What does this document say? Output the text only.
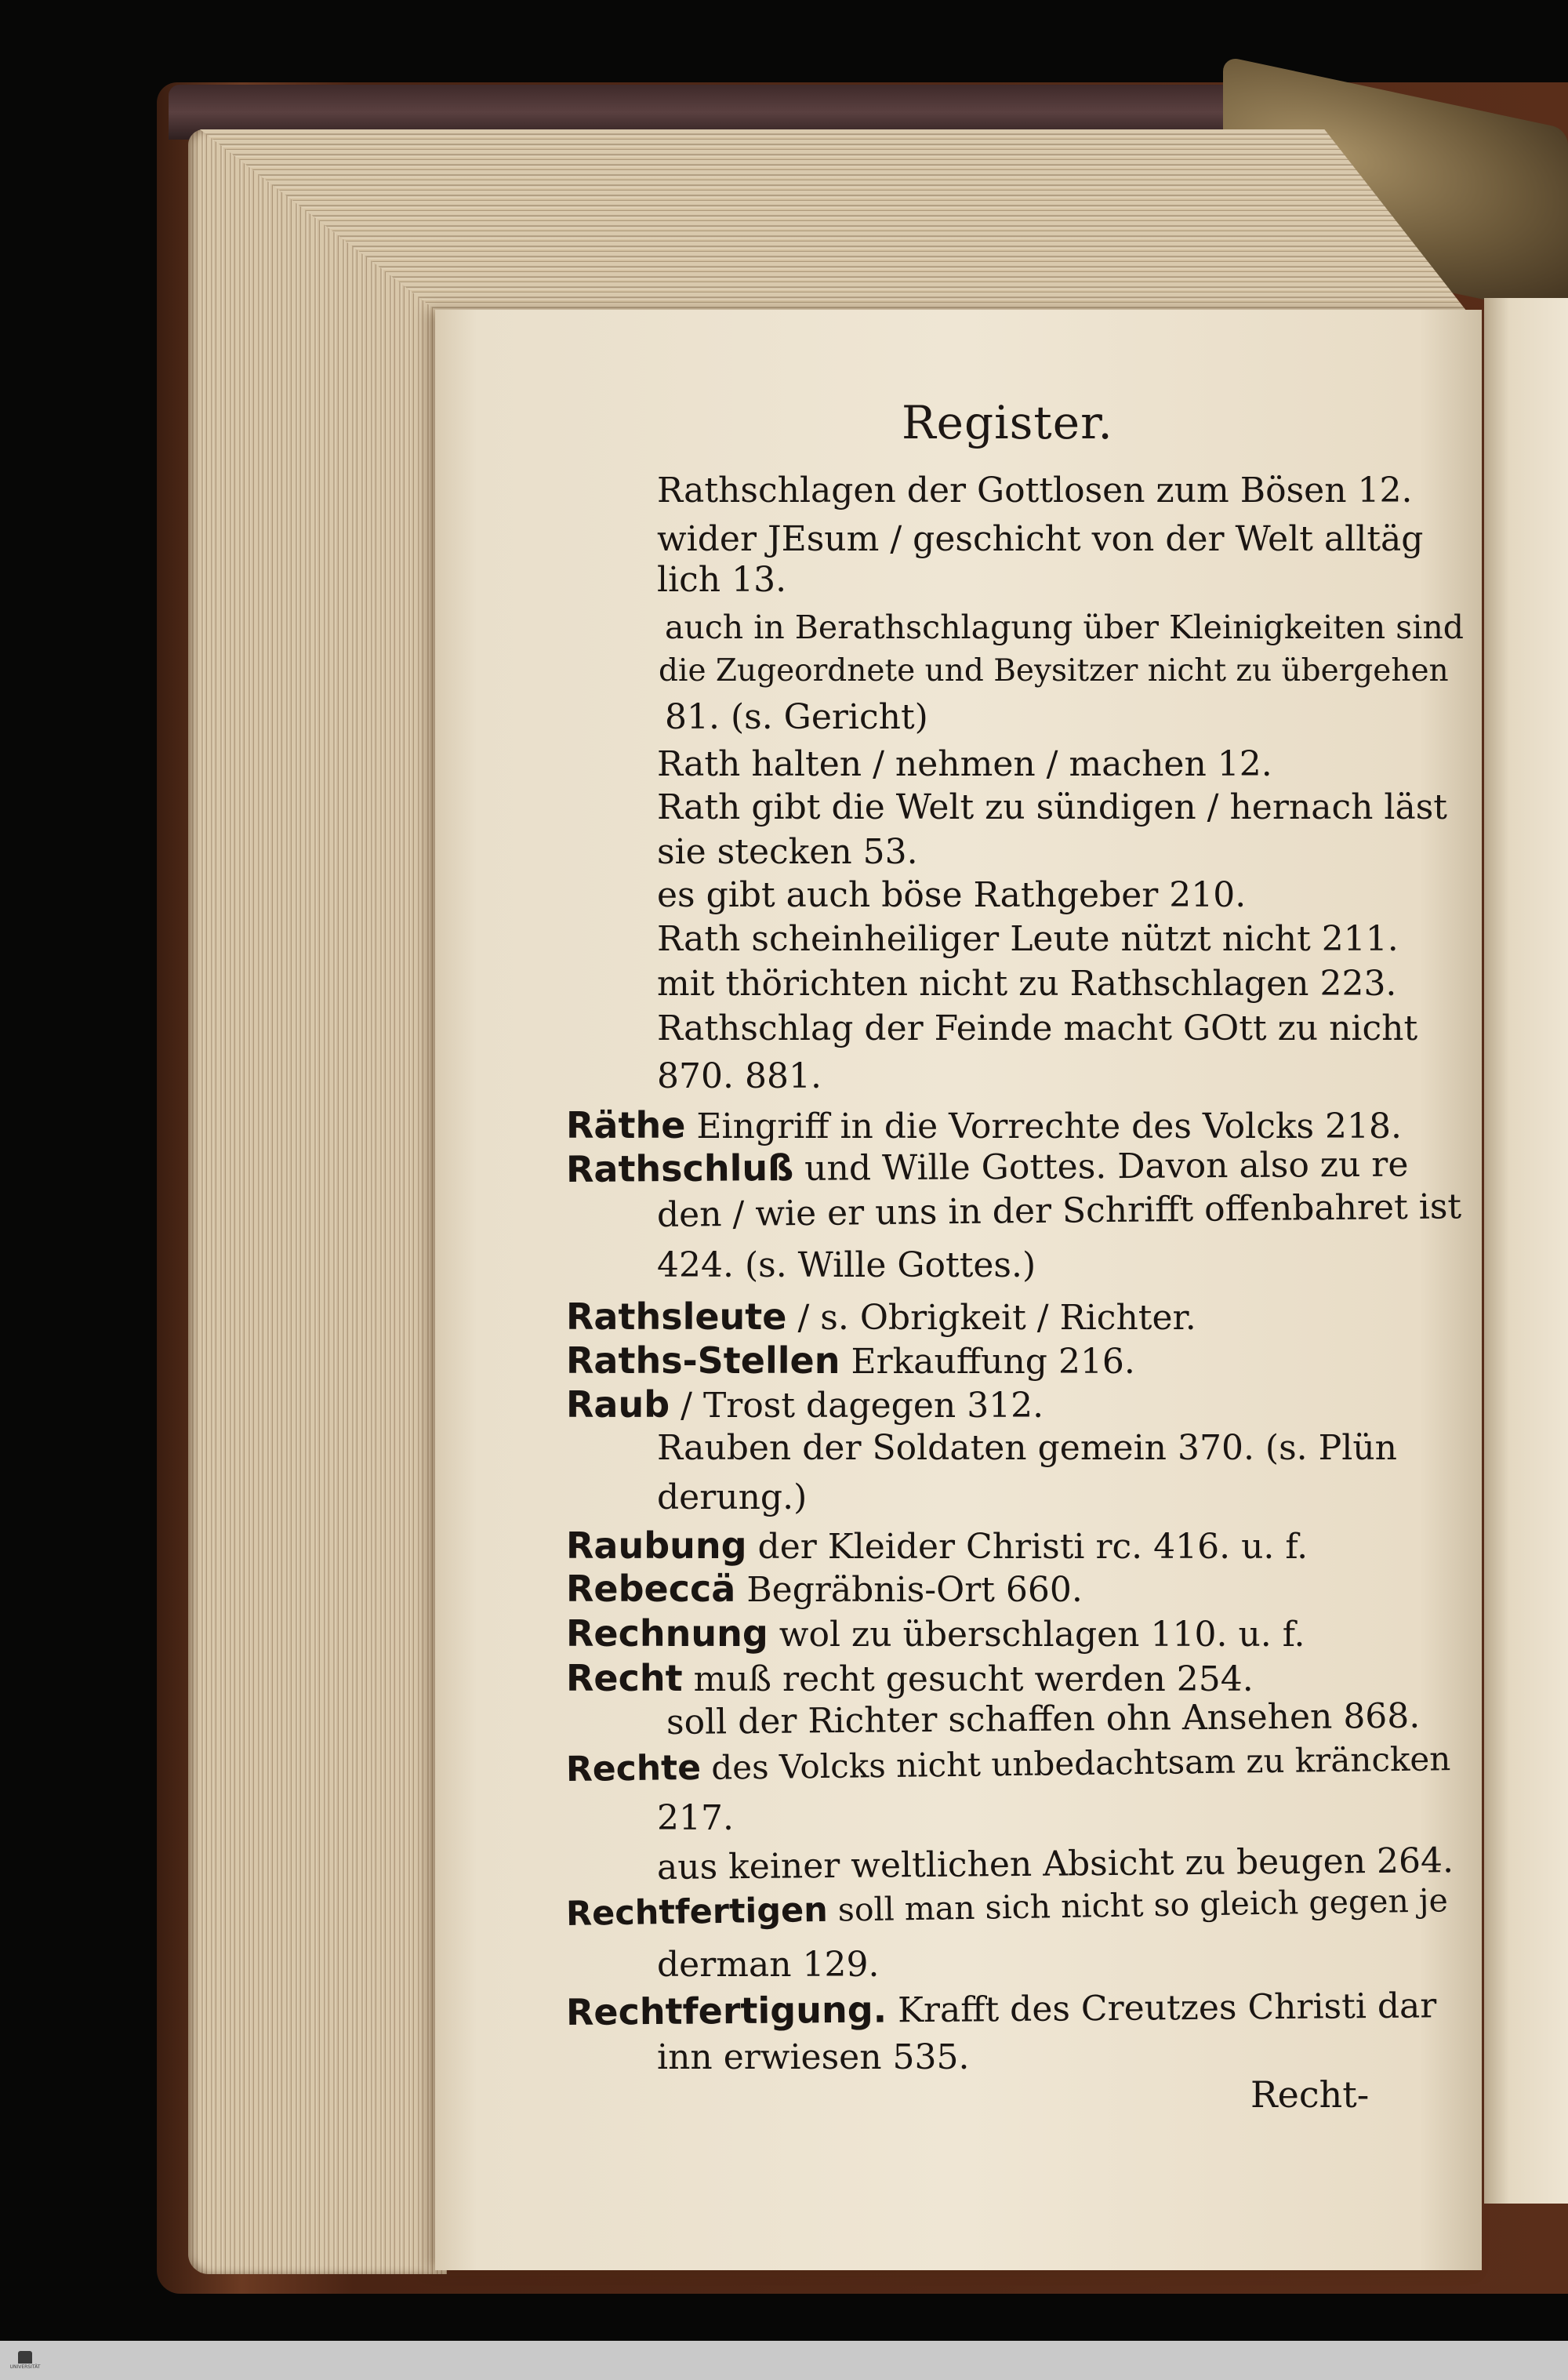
Register.
Rathschlagen der Gottlosen zum Bösen 12.
wider JEsum / geschicht von der Welt alltäg
lich 13.
auch in Berathschlagung über Kleinigkeiten sind
die Zugeordnete und Beysitzer nicht zu übergehen
81. (s. Gericht)
Rath halten / nehmen / machen 12.
Rath gibt die Welt zu sündigen / hernach läst
sie stecken 53.
es gibt auch böse Rathgeber 210.
Rath scheinheiliger Leute nützt nicht 211.
mit thörichten nicht zu Rathschlagen 223.
Rathschlag der Feinde macht GOtt zu nicht
870. 881.
Räthe Eingriff in die Vorrechte des Volcks 218.
Rathschluß und Wille Gottes. Davon also zu re
den / wie er uns in der Schrifft offenbahret ist
424. (s. Wille Gottes.)
Rathsleute / s. Obrigkeit / Richter.
Raths-Stellen Erkauffung 216.
Raub / Trost dagegen 312.
Rauben der Soldaten gemein 370. (s. Plün
derung.)
Raubung der Kleider Christi rc. 416. u. f.
Rebeccä Begräbnis-Ort 660.
Rechnung wol zu überschlagen 110. u. f.
Recht muß recht gesucht werden 254.
soll der Richter schaffen ohn Ansehen 868.
Rechte des Volcks nicht unbedachtsam zu kräncken
217.
aus keiner weltlichen Absicht zu beugen 264.
Rechtfertigen soll man sich nicht so gleich gegen je
derman 129.
Rechtfertigung. Krafft des Creutzes Christi dar
inn erwiesen 535.
Recht-
UNIVERSITÄT
